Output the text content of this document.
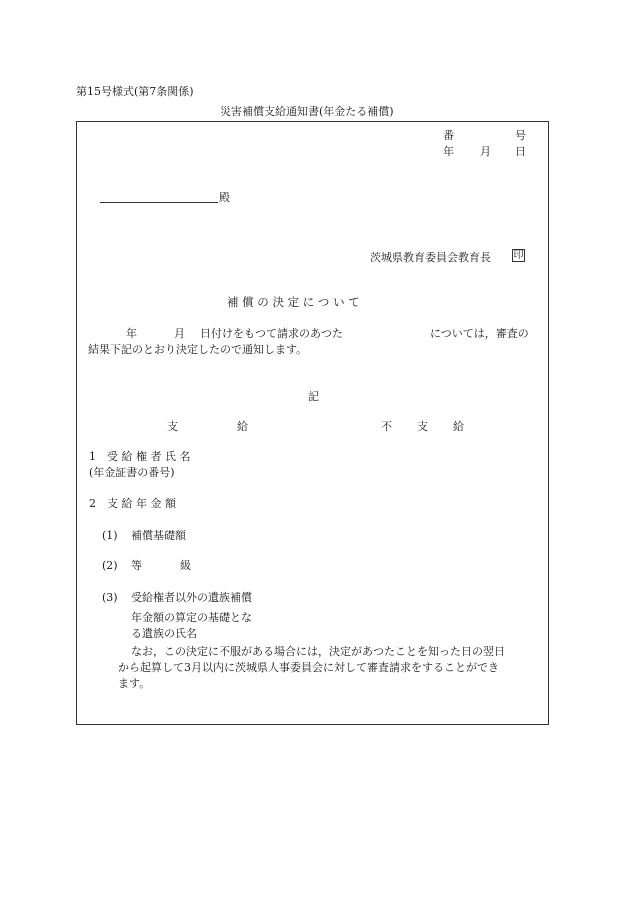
第15号様式(第7条関係)
災害補償支給通知書(年金たる補償)
番	号
年 月 日
殿
茨城県教育委員会教育長 印
補 償 の 決 定 に つ い て
年	月 日付けをもつて請求のあつた	については，審査の
結果下記のとおり決定したので通知します。
記
支	給	不 支 給
1 受 給 権 者 氏 名
(年金証書の番号)
2 支 給 年 金 額
(1) 補償基礎額
(2) 等	級
(3) 受給権者以外の遺族補償
年金額の算定の基礎とな
る遺族の氏名
なお，この決定に不服がある場合には，決定があつたことを知った日の翌日
から起算して3月以内に茨城県人事委員会に対して審査請求をすることができ
ます。
